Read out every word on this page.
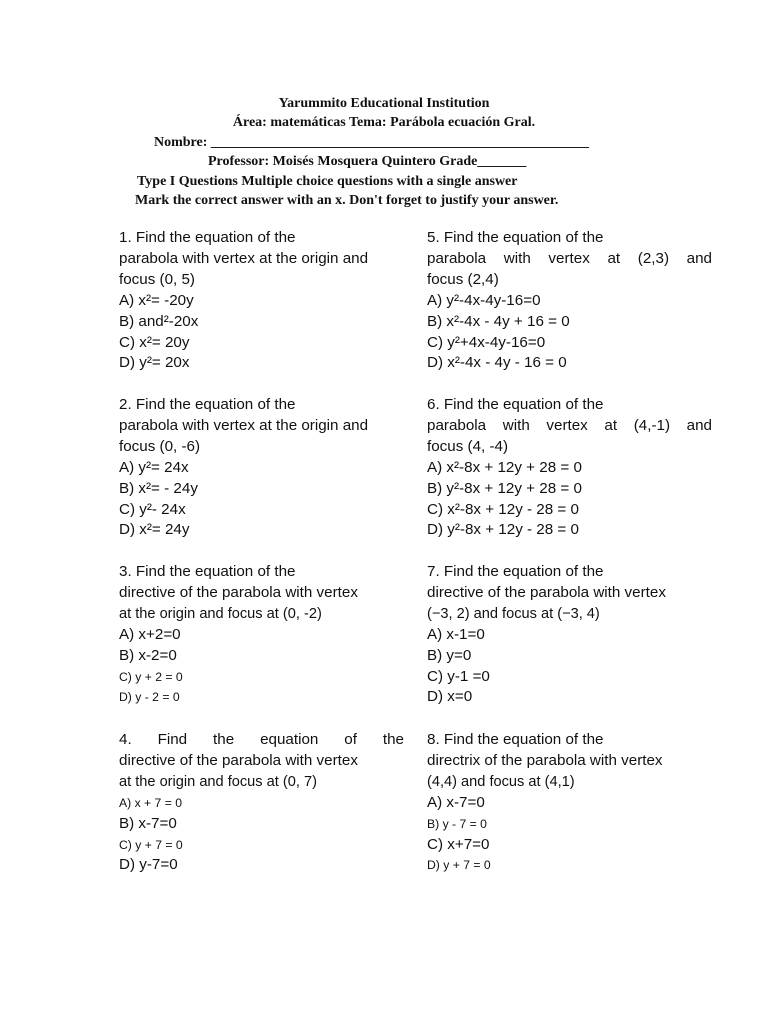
Yarummito Educational Institution
Área: matemáticas Tema: Parábola ecuación Gral.
Nombre: ______________________________________________________
Professor: Moisés Mosquera Quintero Grade_______
Type I Questions Multiple choice questions with a single answer
Mark the correct answer with an x. Don't forget to justify your answer.
1. Find the equation of the
parabola with vertex at the origin and
focus (0, 5)
A) x²= -20y
B) and²-20x
C) x²= 20y
D) y²= 20x
2. Find the equation of the
parabola with vertex at the origin and
focus (0, -6)
A) y²= 24x
B) x²= - 24y
C) y²- 24x
D) x²= 24y
3. Find the equation of the
directive of the parabola with vertex
at the origin and focus at (0, -2)
A) x+2=0
B) x-2=0
C) y + 2 = 0
D) y - 2 = 0
4. Find the equation of the
directive of the parabola with vertex
at the origin and focus at (0, 7)
A) x + 7 = 0
B) x-7=0
C) y + 7 = 0
D) y-7=0
5. Find the equation of the
parabola with vertex at (2,3) and
focus (2,4)
A) y²-4x-4y-16=0
B) x²-4x - 4y + 16 = 0
C) y²+4x-4y-16=0
D) x²-4x - 4y - 16 = 0
6. Find the equation of the
parabola with vertex at (4,-1) and
focus (4, -4)
A) x²-8x + 12y + 28 = 0
B) y²-8x + 12y + 28 = 0
C) x²-8x + 12y - 28 = 0
D) y²-8x + 12y - 28 = 0
7. Find the equation of the
directive of the parabola with vertex
(−3, 2) and focus at (−3, 4)
A) x-1=0
B) y=0
C) y-1 =0
D) x=0
8. Find the equation of the
directrix of the parabola with vertex
(4,4) and focus at (4,1)
A) x-7=0
B) y - 7 = 0
C) x+7=0
D) y + 7 = 0
